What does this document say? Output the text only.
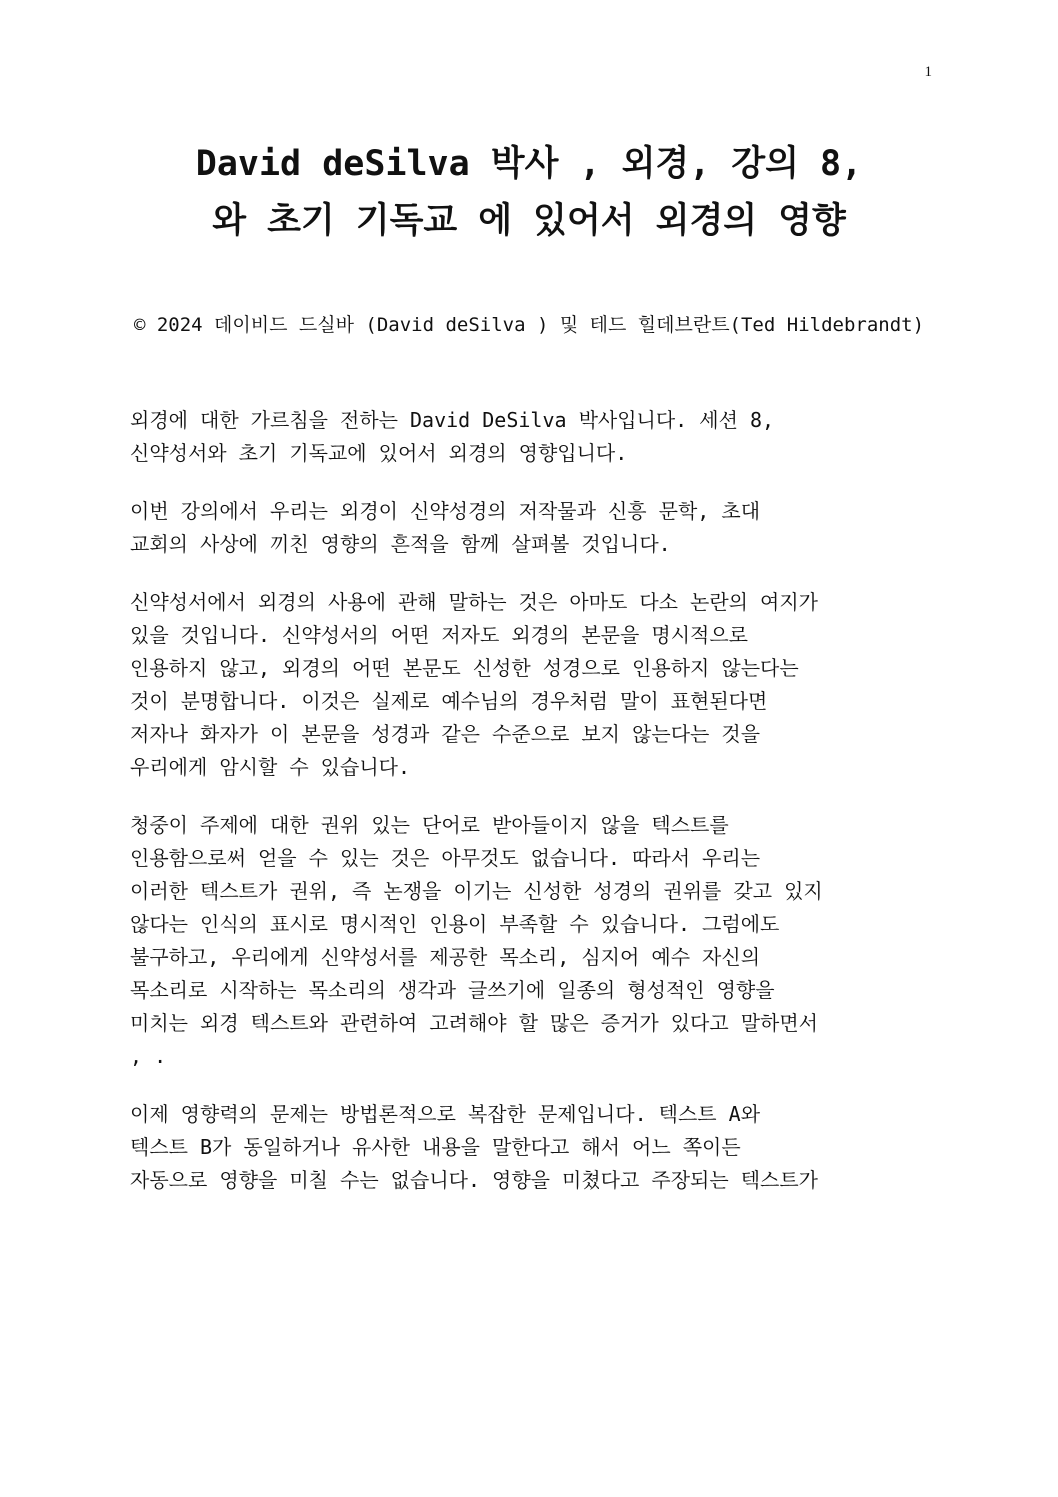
1
David deSilva 박사 , 외경, 강의 8,
와 초기 기독교 에 있어서 외경의 영향

© 2024 데이비드 드실바 (David deSilva ) 및 테드 힐데브란트(Ted Hildebrandt)

외경에 대한 가르침을 전하는 David DeSilva 박사입니다. 세션 8,
신약성서와 초기 기독교에 있어서 외경의 영향입니다.

이번 강의에서 우리는 외경이 신약성경의 저작물과 신흥 문학, 초대
교회의 사상에 끼친 영향의 흔적을 함께 살펴볼 것입니다.

신약성서에서 외경의 사용에 관해 말하는 것은 아마도 다소 논란의 여지가
있을 것입니다. 신약성서의 어떤 저자도 외경의 본문을 명시적으로
인용하지 않고, 외경의 어떤 본문도 신성한 성경으로 인용하지 않는다는
것이 분명합니다. 이것은 실제로 예수님의 경우처럼 말이 표현된다면
저자나 화자가 이 본문을 성경과 같은 수준으로 보지 않는다는 것을
우리에게 암시할 수 있습니다.

청중이 주제에 대한 권위 있는 단어로 받아들이지 않을 텍스트를
인용함으로써 얻을 수 있는 것은 아무것도 없습니다. 따라서 우리는
이러한 텍스트가 권위, 즉 논쟁을 이기는 신성한 성경의 권위를 갖고 있지
않다는 인식의 표시로 명시적인 인용이 부족할 수 있습니다. 그럼에도
불구하고, 우리에게 신약성서를 제공한 목소리, 심지어 예수 자신의
목소리로 시작하는 목소리의 생각과 글쓰기에 일종의 형성적인 영향을
미치는 외경 텍스트와 관련하여 고려해야 할 많은 증거가 있다고 말하면서
, .

이제 영향력의 문제는 방법론적으로 복잡한 문제입니다. 텍스트 A와
텍스트 B가 동일하거나 유사한 내용을 말한다고 해서 어느 쪽이든
자동으로 영향을 미칠 수는 없습니다. 영향을 미쳤다고 주장되는 텍스트가
